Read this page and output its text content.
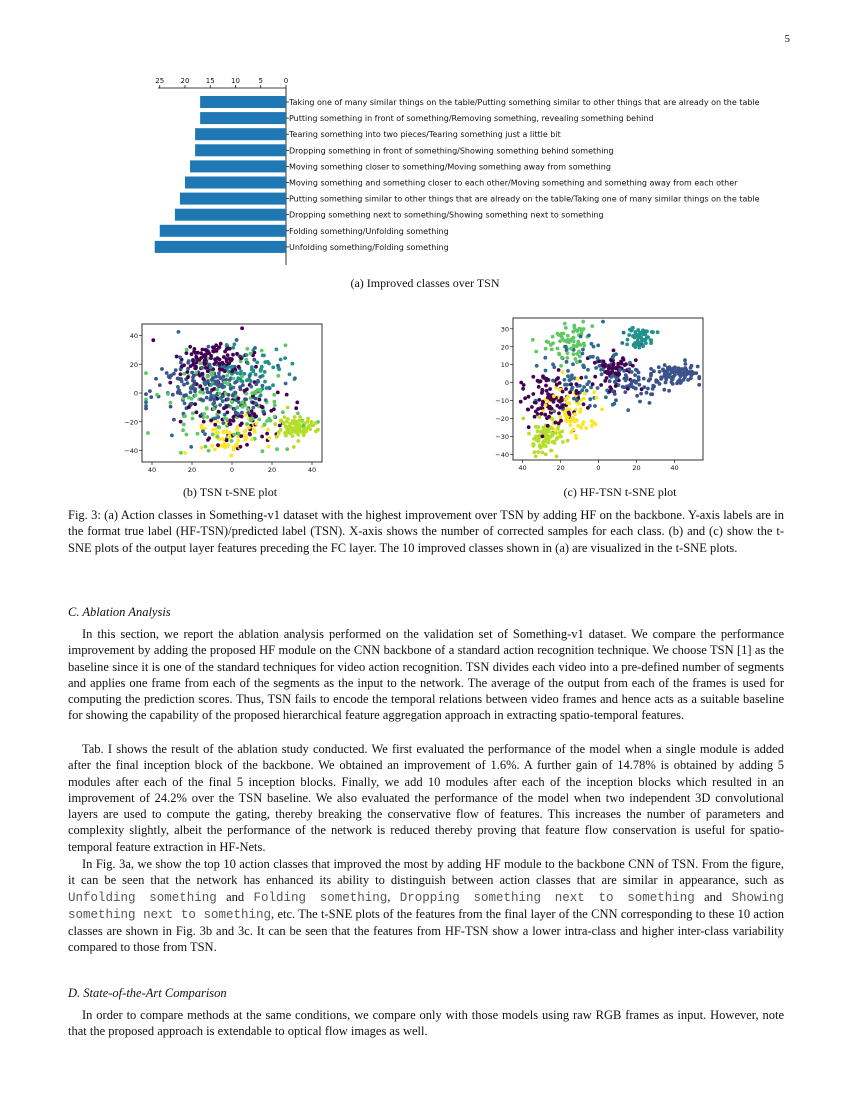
5
25 20 15 10	5	0
Taking one of many similar things on the table/Putting something similar to other things that are already on the table
Putting something in front of something/Removing something, revealing something behind
Tearing something into two pieces/Tearing something just a little bit
Dropping something in front of something/Showing something behind something
Moving something closer to something/Moving something away from something
Moving something and something closer to each other/Moving something and something away from each other
Putting something similar to other things that are already on the table/Taking one of many similar things on the table
Dropping something next to something/Showing something next to something
Folding something/Unfolding something
Unfolding something/Folding something
(a) Improved classes over TSN
40
20
0
−20
−40
40	20	0	20	40
30
20
10
0
−10
−20
−30
−40
40	20	0	20	40
(b) TSN t-SNE plot	(c) HF-TSN t-SNE plot
Fig. 3: (a) Action classes in Something-v1 dataset with the highest improvement over TSN by adding HF on the backbone. Y-axis labels are in the format true label (HF-TSN)/predicted label (TSN). X-axis shows the number of corrected samples for each class. (b) and (c) show the t-SNE plots of the output layer features preceding the FC layer. The 10 improved classes shown in (a) are visualized in the t-SNE plots.
C. Ablation Analysis

In this section, we report the ablation analysis performed on the validation set of Something-v1 dataset. We compare the performance improvement by adding the proposed HF module on the CNN backbone of a standard action recognition technique. We choose TSN [1] as the baseline since it is one of the standard techniques for video action recognition. TSN divides each video into a pre-defined number of segments and applies one frame from each of the segments as the input to the network. The average of the output from each of the frames is used for computing the prediction scores. Thus, TSN fails to encode the temporal relations between video frames and hence acts as a suitable baseline for showing the capability of the proposed hierarchical feature aggregation approach in extracting spatio-temporal features.

Tab. I shows the result of the ablation study conducted. We first evaluated the performance of the model when a single module is added after the final inception block of the backbone. We obtained an improvement of 1.6%. A further gain of 14.78% is obtained by adding 5 modules after each of the final 5 inception blocks. Finally, we add 10 modules after each of the inception blocks which resulted in an improvement of 24.2% over the TSN baseline. We also evaluated the performance of the model when two independent 3D convolutional layers are used to compute the gating, thereby breaking the conservative flow of features. This increases the number of parameters and complexity slightly, albeit the performance of the network is reduced thereby proving that feature flow conservation is useful for spatio-temporal feature extraction in HF-Nets.

In Fig. 3a, we show the top 10 action classes that improved the most by adding HF module to the backbone CNN of TSN. From the figure, it can be seen that the network has enhanced its ability to distinguish between action classes that are similar in appearance, such as Unfolding something and Folding something, Dropping something next to something and Showing something next to something, etc. The t-SNE plots of the features from the final layer of the CNN corresponding to these 10 action classes are shown in Fig. 3b and 3c. It can be seen that the features from HF-TSN show a lower intra-class and higher inter-class variability compared to those from TSN.

D. State-of-the-Art Comparison

In order to compare methods at the same conditions, we compare only with those models using raw RGB frames as input. However, note that the proposed approach is extendable to optical flow images as well.
